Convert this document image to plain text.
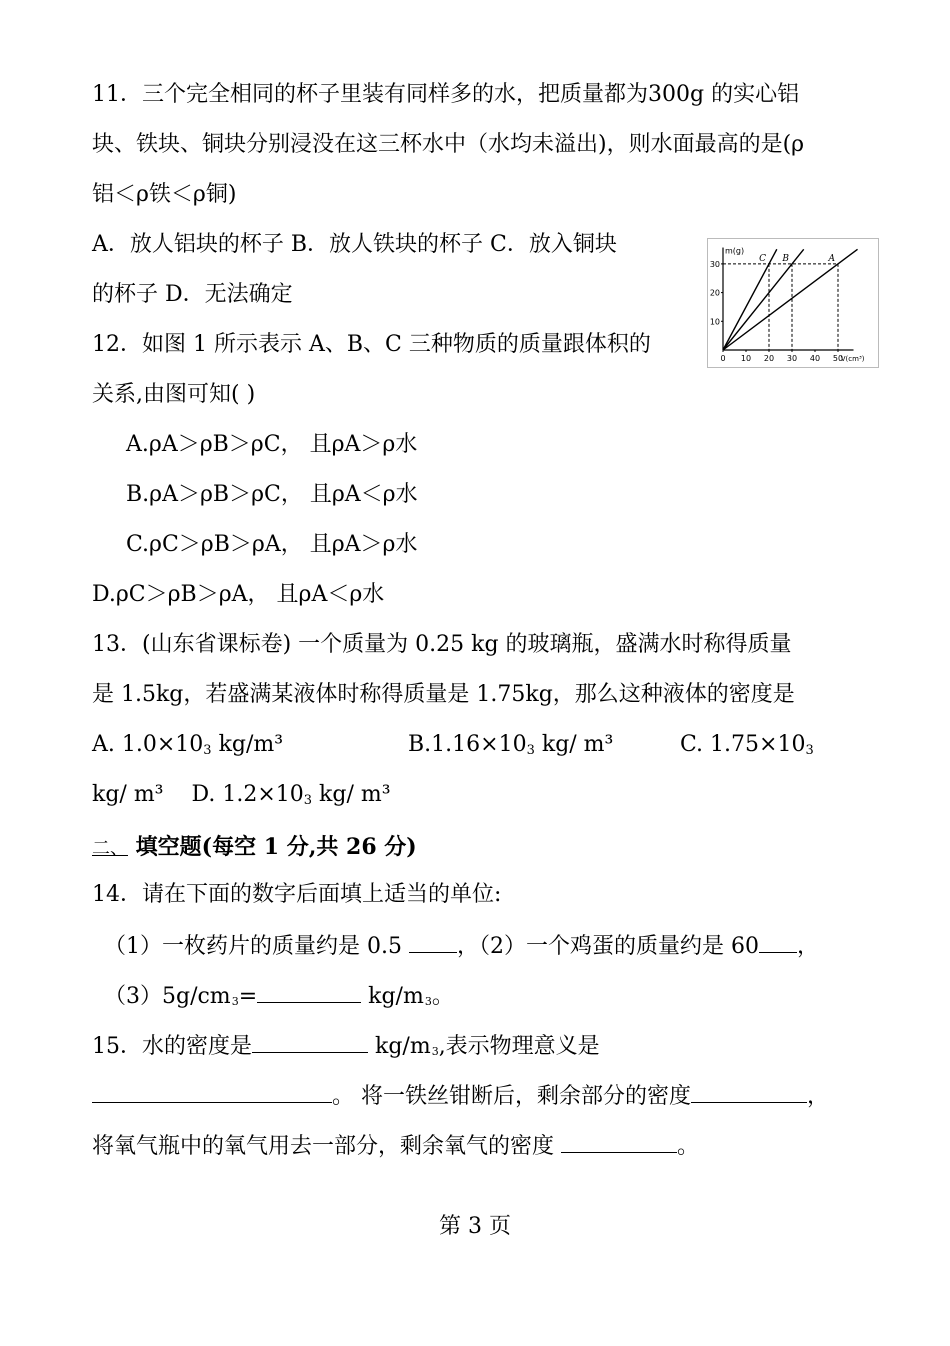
11．三个完全相同的杯子里装有同样多的水，把质量都为300g 的实心铝
块、铁块、铜块分别浸没在这三杯水中（水均未溢出)，则水面最高的是(ρ
铝＜ρ铁＜ρ铜)
A．放人铝块的杯子 B．放人铁块的杯子 C．放入铜块
的杯子 D．无法确定
0 10 20 30 40 50
10
20
30
C B	A
m(g)
V(cm³)
12．如图 1 所示表示 A、B、C 三种物质的质量跟体积的
关系,由图可知( )
A.ρA＞ρB＞ρC， 且ρA＞ρ水
B.ρA＞ρB＞ρC， 且ρA＜ρ水
C.ρC＞ρB＞ρA， 且ρA＞ρ水
D.ρC＞ρB＞ρA， 且ρA＜ρ水
13．(山东省课标卷) 一个质量为 0.25 kg 的玻璃瓶，盛满水时称得质量
是 1.5kg，若盛满某液体时称得质量是 1.75kg，那么这种液体的密度是
A. 1.0×103 kg/m³	B.1.16×103 kg/ m³	C. 1.75×103
kg/ m³ D. 1.2×103 kg/ m³
二、 填空题(每空 1 分,共 26 分)
14．请在下面的数字后面填上适当的单位:
（1）一枚药片的质量约是 0.5 ，（2）一个鸡蛋的质量约是 60 ，
（3）5g/cm3=	kg/m3。
15．水的密度是	kg/m3,表示物理意义是
。 将一铁丝钳断后，剩余部分的密度	，
将氧气瓶中的氧气用去一部分，剩余氧气的密度	。
第 3 页
